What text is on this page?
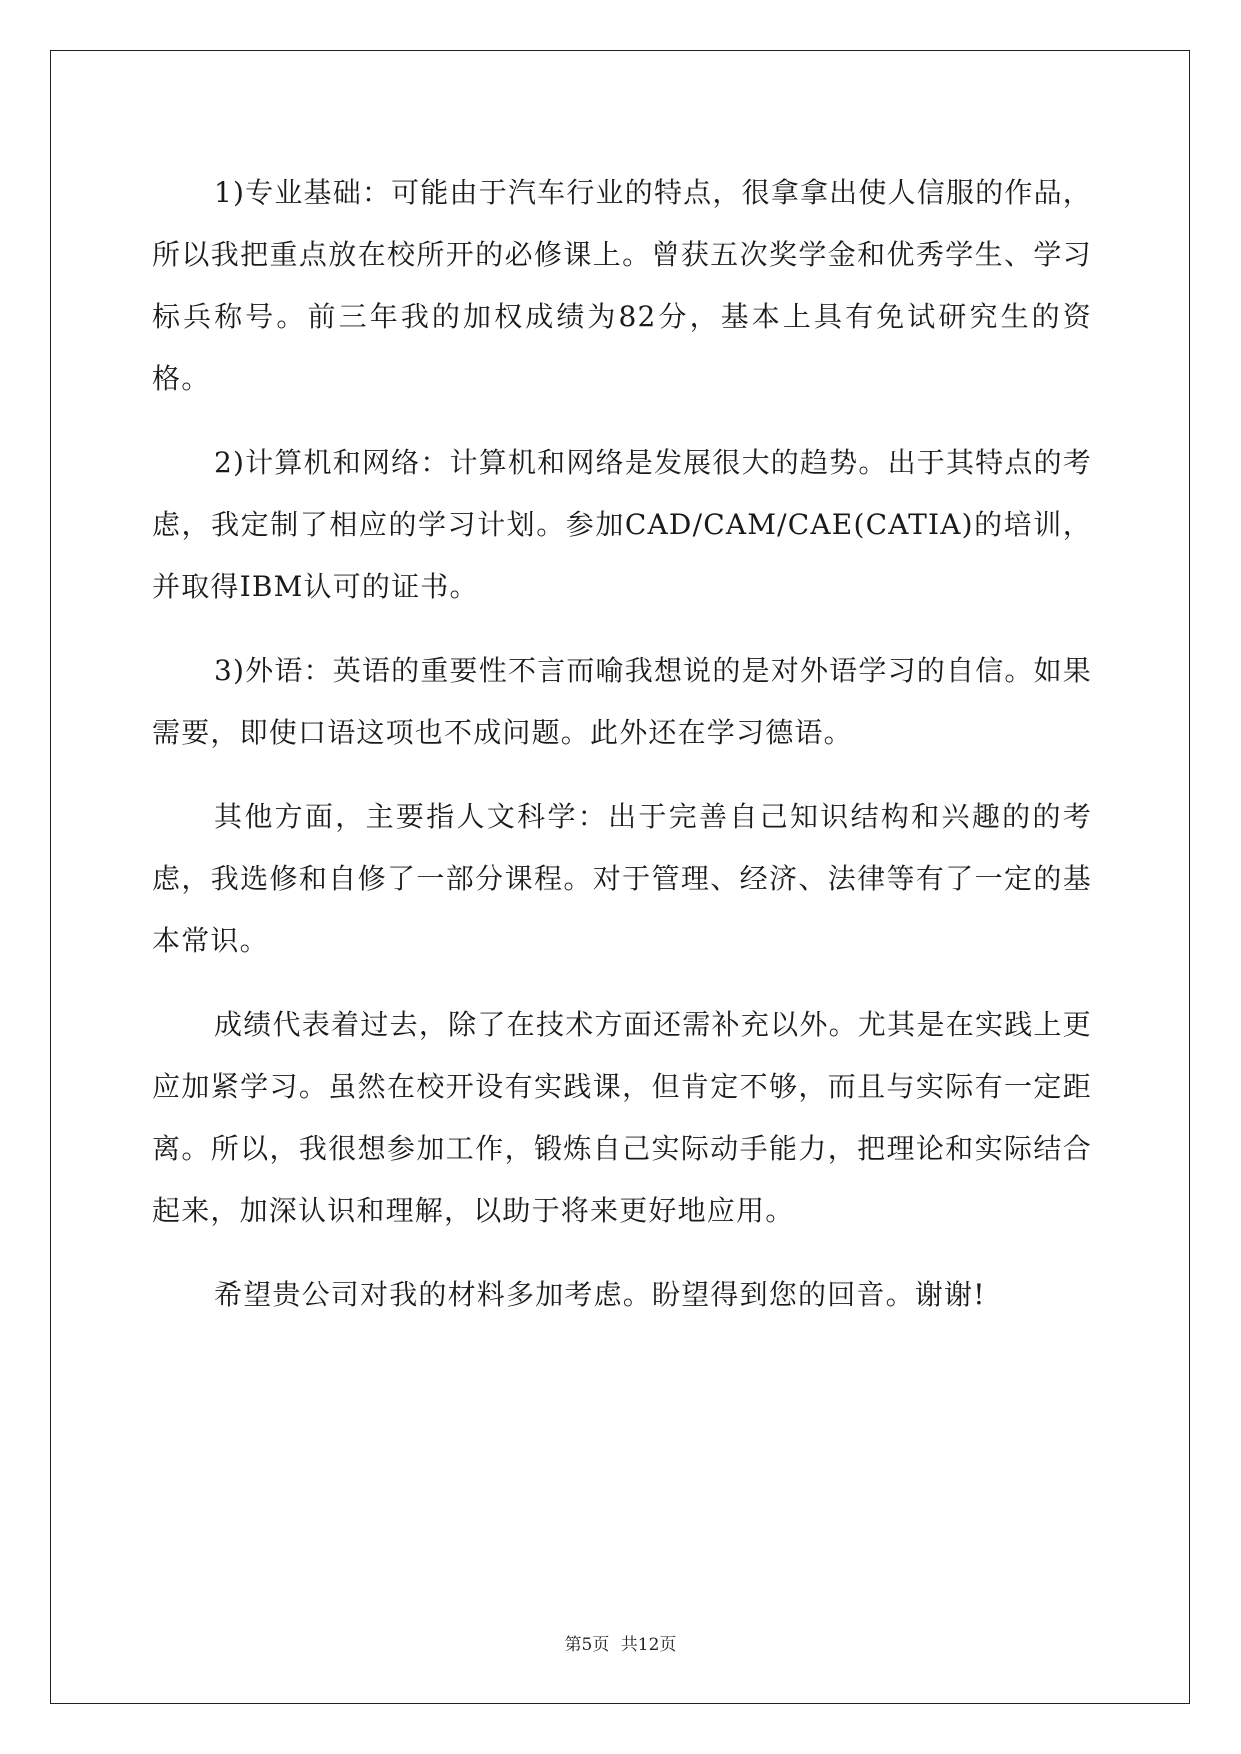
1)专业基础：可能由于汽车行业的特点，很拿拿出使人信服的作品，所以我把重点放在校所开的必修课上。曾获五次奖学金和优秀学生、学习标兵称号。前三年我的加权成绩为82分，基本上具有免试研究生的资格。

2)计算机和网络：计算机和网络是发展很大的趋势。出于其特点的考虑，我定制了相应的学习计划。参加CAD/CAM/CAE(CATIA)的培训，并取得IBM认可的证书。

3)外语：英语的重要性不言而喻我想说的是对外语学习的自信。如果需要，即使口语这项也不成问题。此外还在学习德语。

其他方面，主要指人文科学：出于完善自己知识结构和兴趣的的考虑，我选修和自修了一部分课程。对于管理、经济、法律等有了一定的基本常识。

成绩代表着过去，除了在技术方面还需补充以外。尤其是在实践上更应加紧学习。虽然在校开设有实践课，但肯定不够，而且与实际有一定距离。所以，我很想参加工作，锻炼自己实际动手能力，把理论和实际结合起来，加深认识和理解，以助于将来更好地应用。

希望贵公司对我的材料多加考虑。盼望得到您的回音。谢谢!

第5页 共12页
